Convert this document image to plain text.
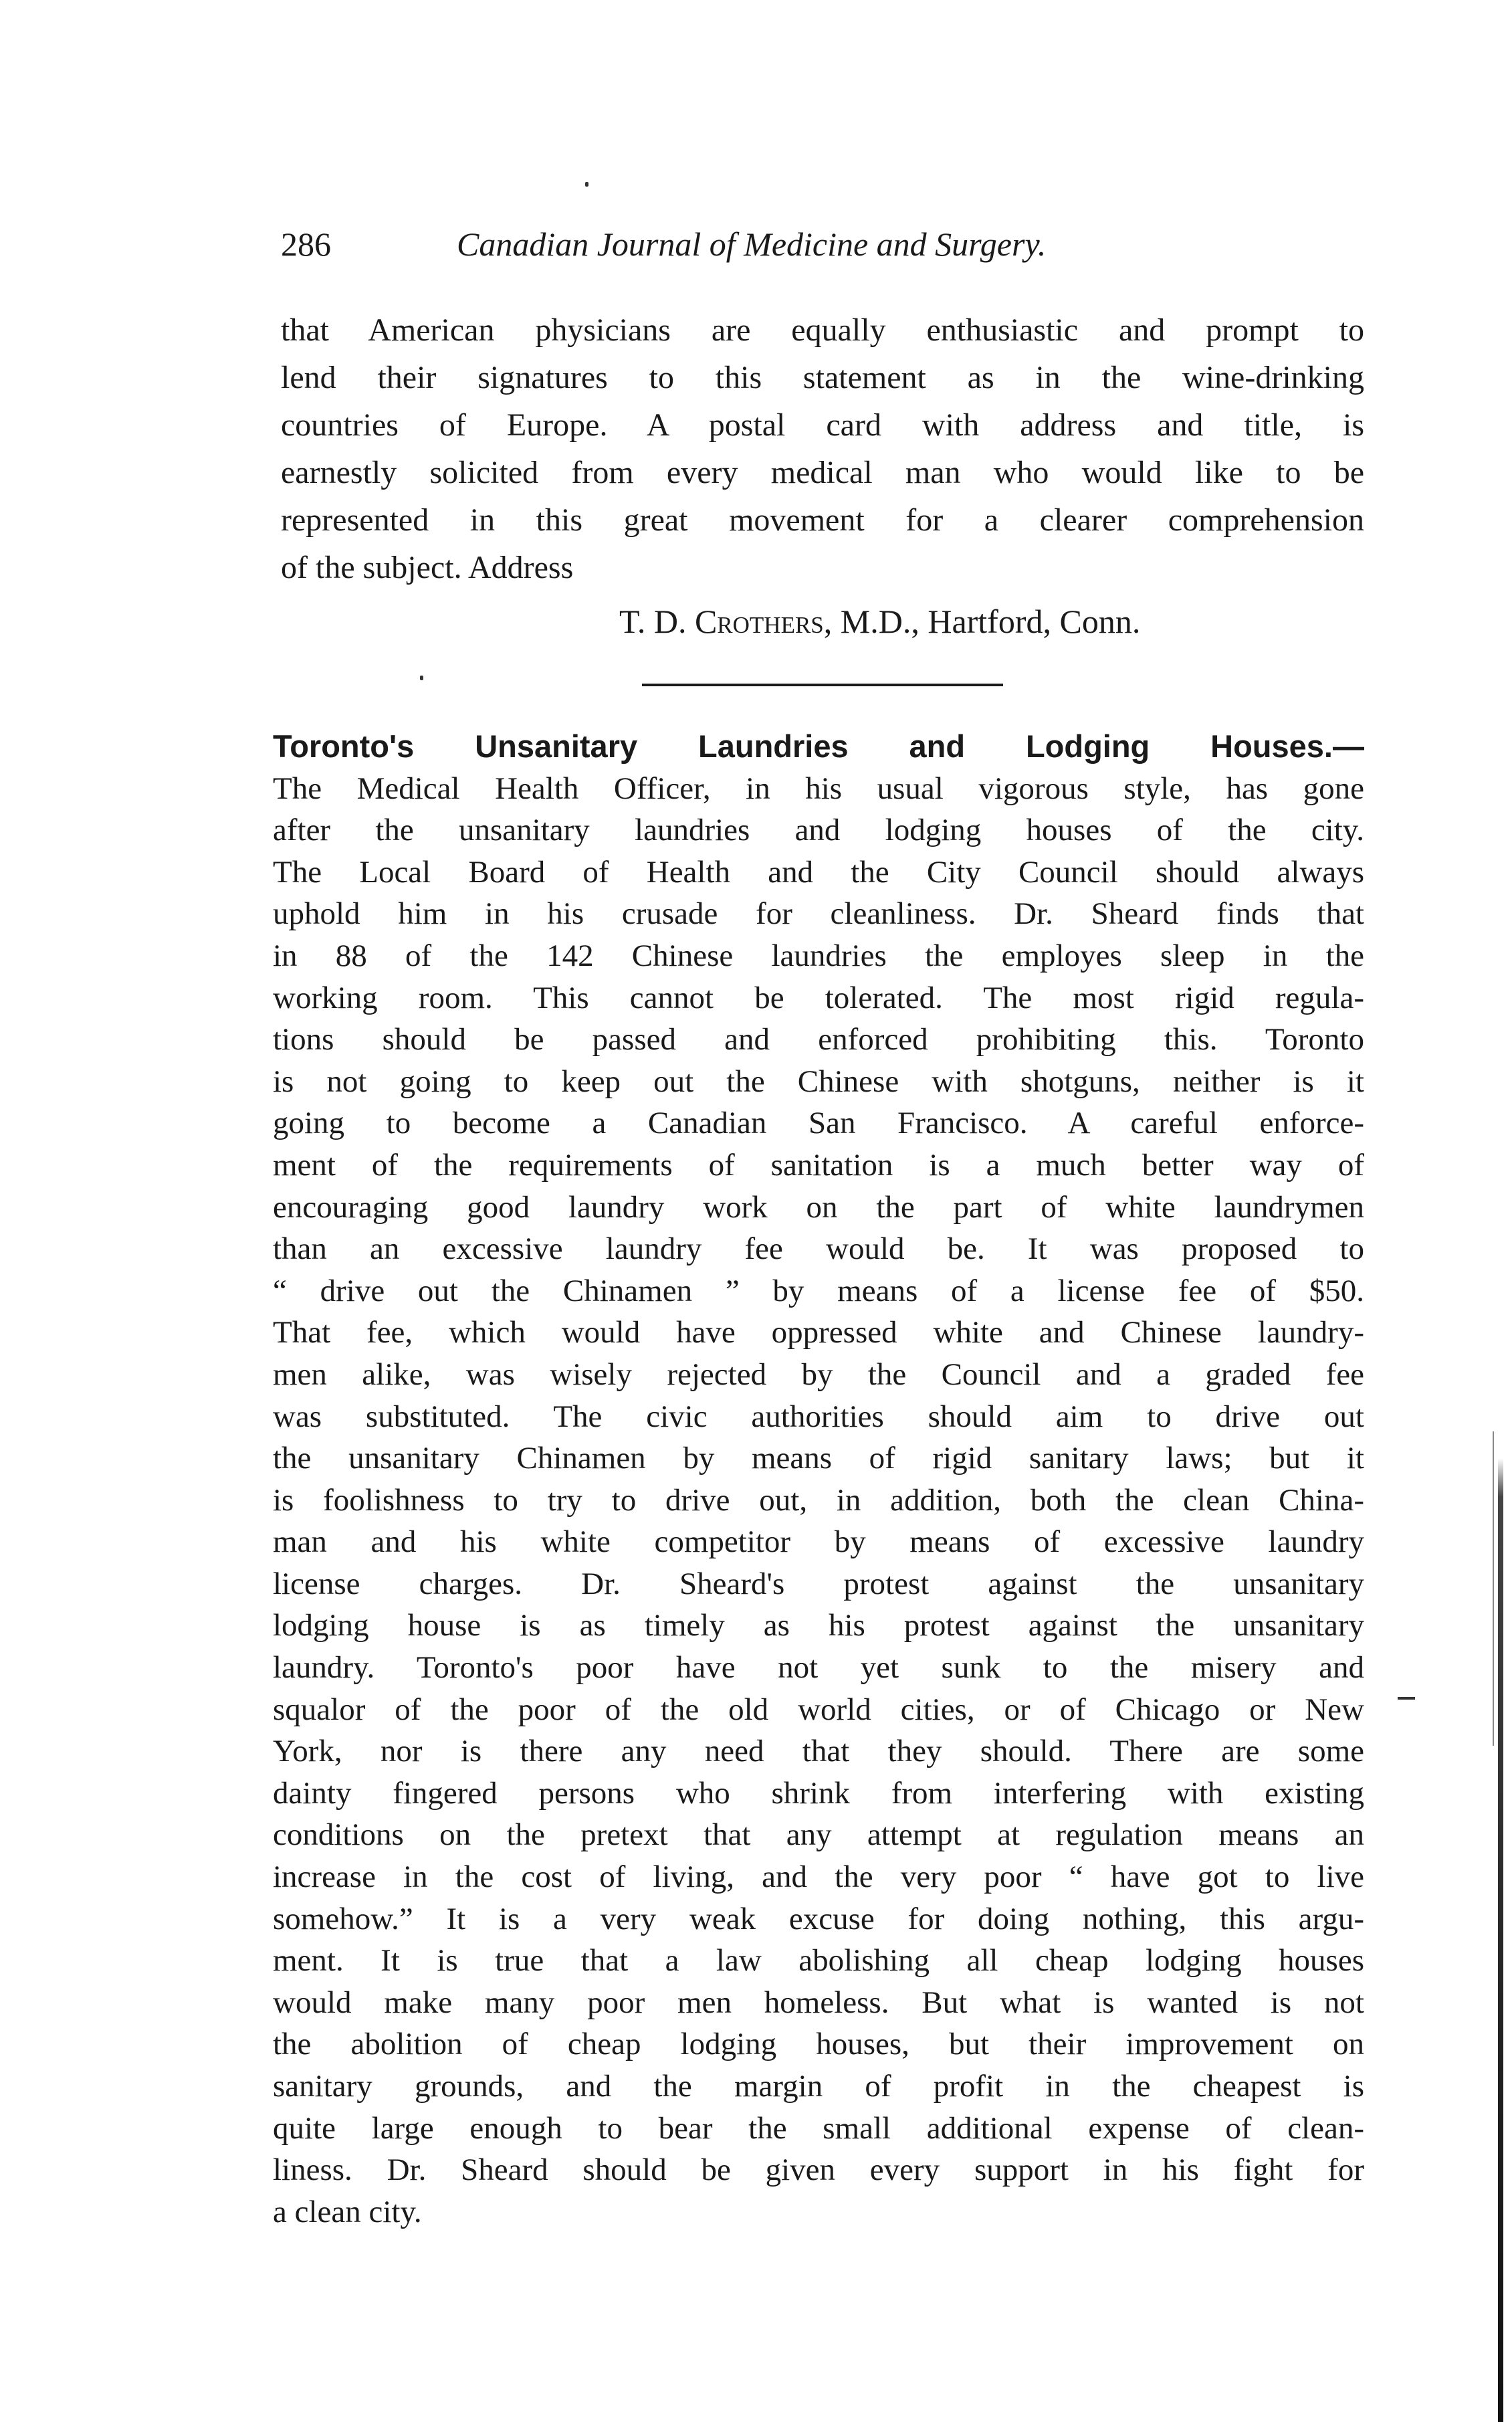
286	Canadian Journal of Medicine and Surgery.
that American physicians are equally enthusiastic and prompt to
lend their signatures to this statement as in the wine-drinking
countries of Europe. A postal card with address and title, is
earnestly solicited from every medical man who would like to be
represented in this great movement for a clearer comprehension
of the subject. Address
T. D. Crothers, M.D., Hartford, Conn.
Toronto's Unsanitary Laundries and Lodging Houses.—
The Medical Health Officer, in his usual vigorous style, has gone
after the unsanitary laundries and lodging houses of the city.
The Local Board of Health and the City Council should always
uphold him in his crusade for cleanliness. Dr. Sheard finds that
in 88 of the 142 Chinese laundries the employes sleep in the
working room. This cannot be tolerated. The most rigid regula-
tions should be passed and enforced prohibiting this. Toronto
is not going to keep out the Chinese with shotguns, neither is it
going to become a Canadian San Francisco. A careful enforce-
ment of the requirements of sanitation is a much better way of
encouraging good laundry work on the part of white laundrymen
than an excessive laundry fee would be. It was proposed to
“ drive out the Chinamen ” by means of a license fee of $50.
That fee, which would have oppressed white and Chinese laundry-
men alike, was wisely rejected by the Council and a graded fee
was substituted. The civic authorities should aim to drive out
the unsanitary Chinamen by means of rigid sanitary laws; but it
is foolishness to try to drive out, in addition, both the clean China-
man and his white competitor by means of excessive laundry
license charges. Dr. Sheard's protest against the unsanitary
lodging house is as timely as his protest against the unsanitary
laundry. Toronto's poor have not yet sunk to the misery and
squalor of the poor of the old world cities, or of Chicago or New
York, nor is there any need that they should. There are some
dainty fingered persons who shrink from interfering with existing
conditions on the pretext that any attempt at regulation means an
increase in the cost of living, and the very poor “ have got to live
somehow.” It is a very weak excuse for doing nothing, this argu-
ment. It is true that a law abolishing all cheap lodging houses
would make many poor men homeless. But what is wanted is not
the abolition of cheap lodging houses, but their improvement on
sanitary grounds, and the margin of profit in the cheapest is
quite large enough to bear the small additional expense of clean-
liness. Dr. Sheard should be given every support in his fight for
a clean city.
